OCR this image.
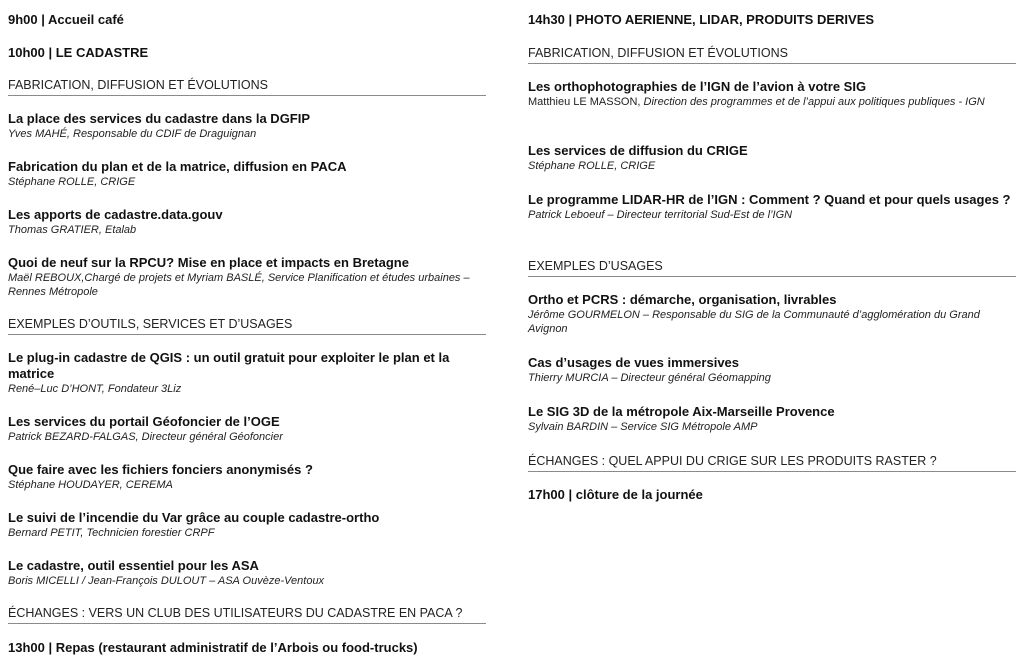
9h00 | Accueil café
10h00 | LE CADASTRE
FABRICATION, DIFFUSION ET ÉVOLUTIONS
La place des services du cadastre dans la DGFIP
Yves MAHÉ, Responsable du CDIF de Draguignan
Fabrication du plan et de la matrice, diffusion en PACA
Stéphane ROLLE, CRIGE
Les apports de cadastre.data.gouv
Thomas GRATIER, Etalab
Quoi de neuf sur la RPCU? Mise en place et impacts en Bretagne
Maël REBOUX,Chargé de projets et Myriam BASLÉ, Service Planification et études urbaines – Rennes Métropole
EXEMPLES D’OUTILS, SERVICES ET D’USAGES
Le plug-in cadastre de QGIS : un outil gratuit pour exploiter le plan et la matrice
René–Luc D’HONT, Fondateur 3Liz
Les services du portail Géofoncier de l’OGE
Patrick BEZARD-FALGAS, Directeur général Géofoncier
Que faire avec les fichiers fonciers anonymisés ?
Stéphane HOUDAYER, CEREMA
Le suivi de l’incendie du Var grâce au couple cadastre-ortho
Bernard PETIT, Technicien forestier CRPF
Le cadastre, outil essentiel pour les ASA
Boris MICELLI / Jean-François DULOUT – ASA Ouvèze-Ventoux
ÉCHANGES : VERS UN CLUB DES UTILISATEURS DU CADASTRE EN PACA ?
13h00 | Repas (restaurant administratif de l’Arbois ou food-trucks)
14h30 | PHOTO AERIENNE, LIDAR, PRODUITS DERIVES
FABRICATION, DIFFUSION ET ÉVOLUTIONS
Les orthophotographies de l’IGN de l’avion à votre SIG
Matthieu LE MASSON, Direction des programmes et de l’appui aux politiques publiques - IGN
Les services de diffusion du CRIGE
Stéphane ROLLE, CRIGE
Le programme LIDAR-HR de l’IGN : Comment ? Quand et pour quels usages ?
Patrick Leboeuf – Directeur territorial Sud-Est de l’IGN
EXEMPLES D’USAGES
Ortho et PCRS : démarche, organisation, livrables
Jérôme GOURMELON – Responsable du SIG de la Communauté d’agglomération du Grand Avignon
Cas d’usages de vues immersives
Thierry MURCIA – Directeur général Géomapping
Le SIG 3D de la métropole Aix-Marseille Provence
Sylvain BARDIN – Service SIG Métropole AMP
ÉCHANGES : QUEL APPUI DU CRIGE SUR LES PRODUITS RASTER ?
17h00 | clôture de la journée
